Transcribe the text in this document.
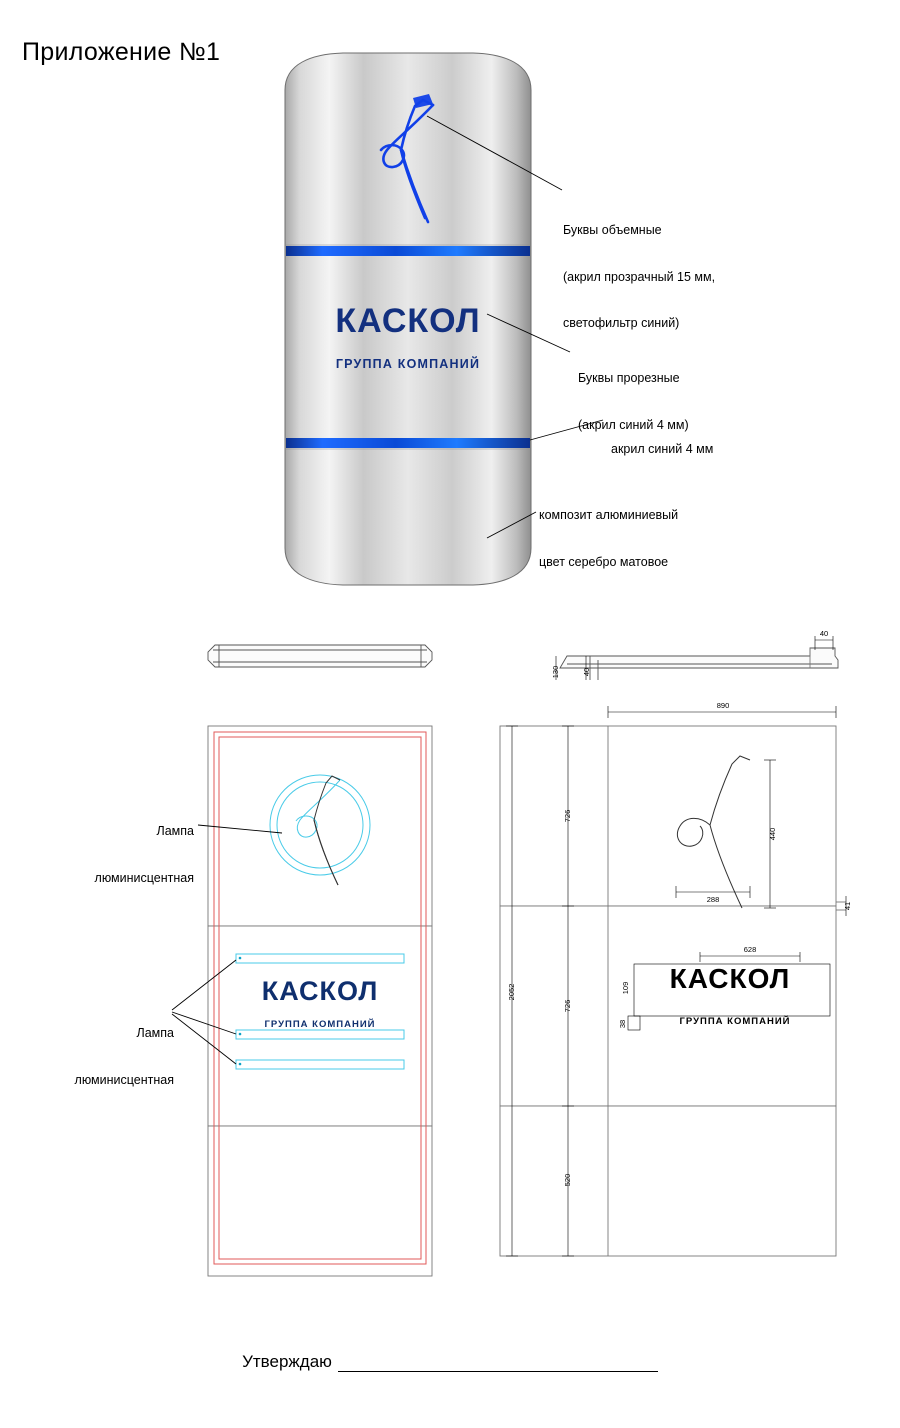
Приложение №1
КАСКОЛ
ГРУППА КОМПАНИЙ

Буквы объемные

(акрил прозрачный 15 мм,

светофильтр синий)

Буквы прорезные

(акрил синий 4 мм)

акрил синий 4 мм

композит алюминиевый

цвет серебро матовое

КАСКОЛ
ГРУППА КОМПАНИЙ
130	40
40
440
288
КАСКОЛ
ГРУППА КОМПАНИЙ
628
109
38
890
726
726
520
2052
41

Лампа

люминисцентная

Лампа

люминисцентная

Утверждаю
